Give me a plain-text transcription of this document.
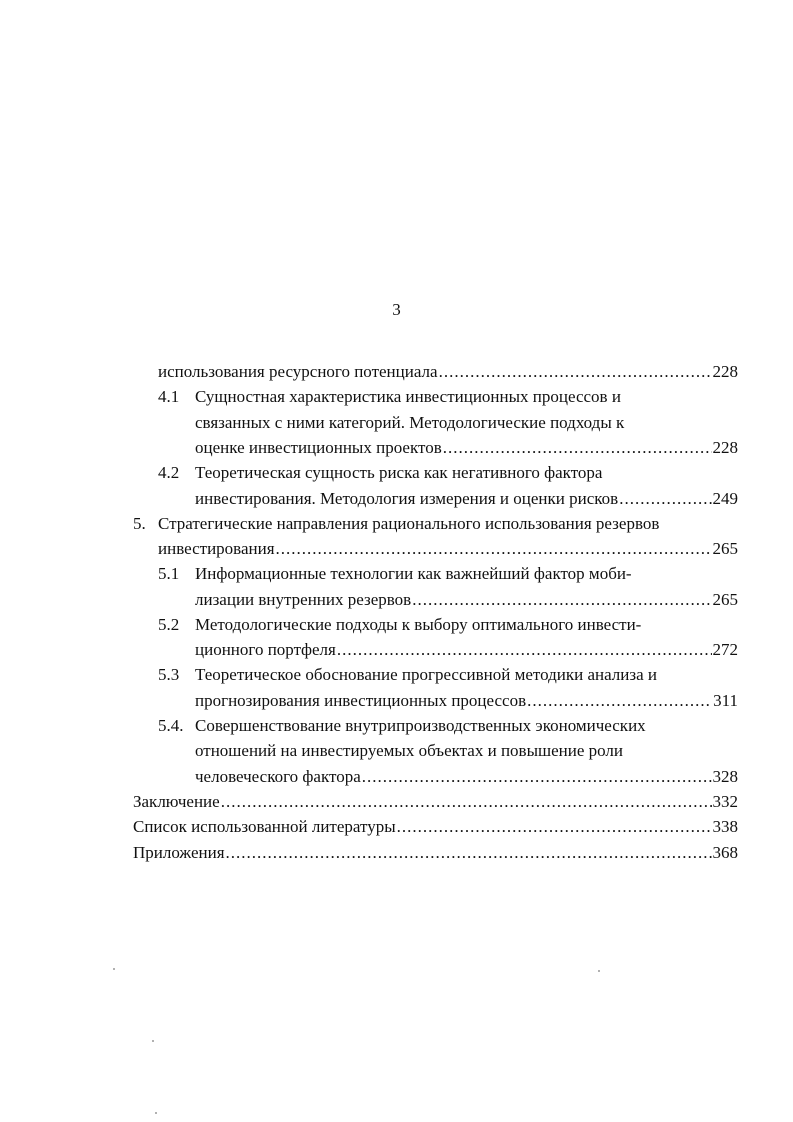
3
использования ресурсного потенциала .....	228
4.1 Сущностная характеристика инвестиционных процессов и
связанных с ними категорий. Методологические подходы к
оценке инвестиционных проектов .....	228
4.2 Теоретическая сущность риска как негативного фактора
инвестирования. Методология измерения и оценки рисков .....	249
5. Стратегические направления рационального использования резервов
инвестирования .....	265
5.1 Информационные технологии как важнейший фактор моби-
лизации внутренних резервов .....	265
5.2 Методологические подходы к выбору оптимального инвести-
ционного портфеля .....	272
5.3 Теоретическое обоснование прогрессивной методики анализа и
прогнозирования инвестиционных процессов .....	311
5.4. Совершенствование внутрипроизводственных экономических
отношений на инвестируемых объектах и повышение роли
человеческого фактора .....	328
Заключение .....	332
Список использованной литературы .....	338
Приложения .....	368
